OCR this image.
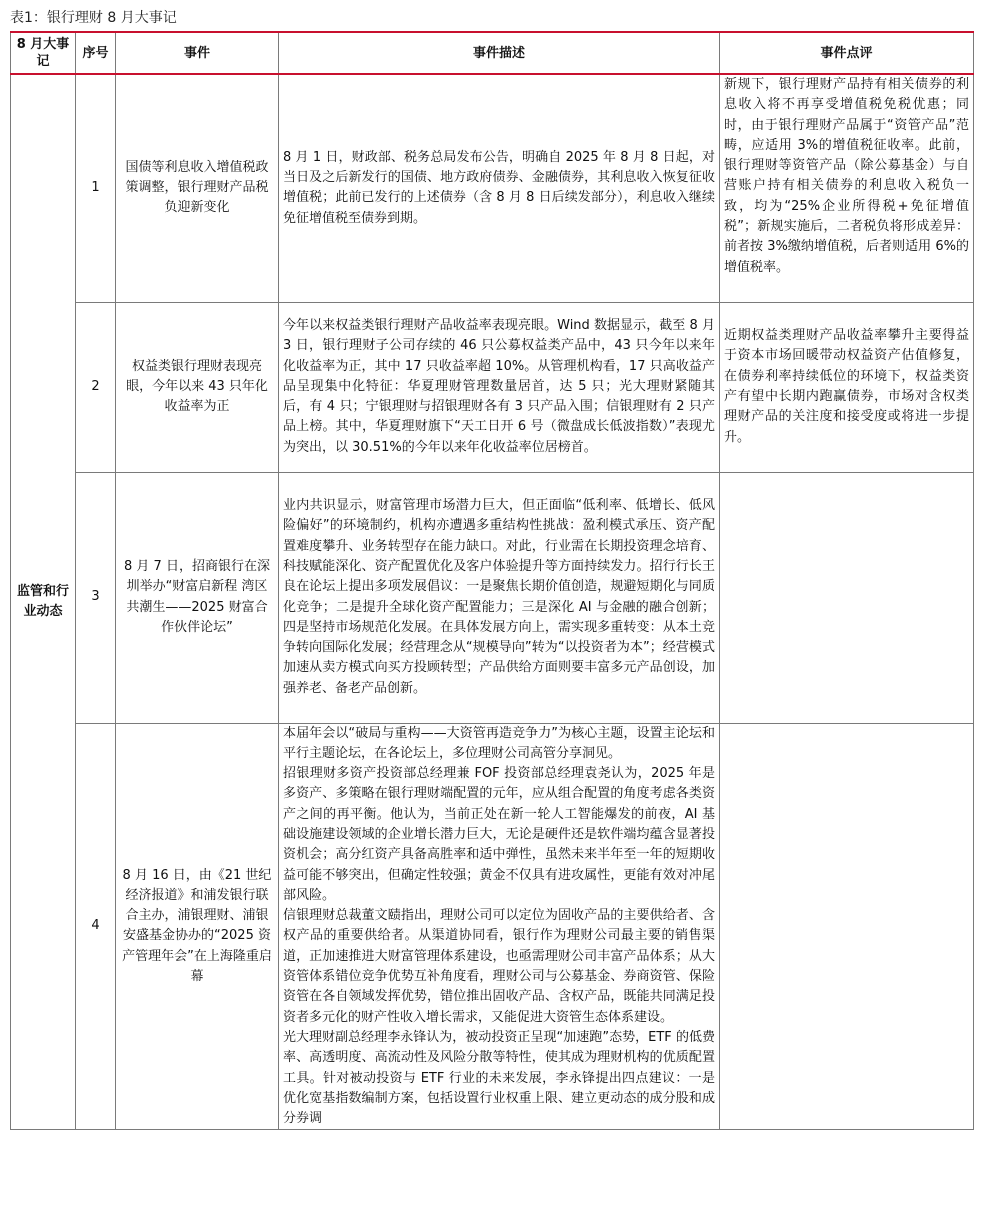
表1：银行理财 8 月大事记
8 月大事记	序号	事件	事件描述	事件点评
监管和行业动态	1	国债等利息收入增值税政策调整，银行理财产品税负迎新变化	8 月 1 日，财政部、税务总局发布公告，明确自 2025 年 8 月 8 日起，对当日及之后新发行的国债、地方政府债券、金融债券，其利息收入恢复征收增值税；此前已发行的上述债券（含 8 月 8 日后续发部分），利息收入继续免征增值税至债券到期。	新规下，银行理财产品持有相关债券的利息收入将不再享受增值税免税优惠；同时，由于银行理财产品属于“资管产品”范畴，应适用 3%的增值税征收率。此前，银行理财等资管产品（除公募基金）与自营账户持有相关债券的利息收入税负一致，均为“25%企业所得税+免征增值税”；新规实施后，二者税负将形成差异：前者按 3%缴纳增值税，后者则适用 6%的增值税率。
	2	权益类银行理财表现亮眼，今年以来 43 只年化收益率为正	今年以来权益类银行理财产品收益率表现亮眼。Wind 数据显示，截至 8 月 3 日，银行理财子公司存续的 46 只公募权益类产品中，43 只今年以来年化收益率为正，其中 17 只收益率超 10%。从管理机构看，17 只高收益产品呈现集中化特征：华夏理财管理数量居首，达 5 只；光大理财紧随其后，有 4 只；宁银理财与招银理财各有 3 只产品入围；信银理财有 2 只产品上榜。其中，华夏理财旗下“天工日开 6 号（微盘成长低波指数）”表现尤为突出，以 30.51%的今年以来年化收益率位居榜首。	近期权益类理财产品收益率攀升主要得益于资本市场回暖带动权益资产估值修复，在债券利率持续低位的环境下，权益类资产有望中长期内跑赢债券，市场对含权类理财产品的关注度和接受度或将进一步提升。
	3	8 月 7 日，招商银行在深圳举办“财富启新程 湾区共潮生——2025 财富合作伙伴论坛”	业内共识显示，财富管理市场潜力巨大，但正面临“低利率、低增长、低风险偏好”的环境制约，机构亦遭遇多重结构性挑战：盈利模式承压、资产配置难度攀升、业务转型存在能力缺口。对此，行业需在长期投资理念培育、科技赋能深化、资产配置优化及客户体验提升等方面持续发力。招行行长王良在论坛上提出多项发展倡议：一是聚焦长期价值创造，规避短期化与同质化竞争；二是提升全球化资产配置能力；三是深化 AI 与金融的融合创新；四是坚持市场规范化发展。在具体发展方向上，需实现多重转变：从本土竞争转向国际化发展；经营理念从“规模导向”转为“以投资者为本”；经营模式加速从卖方模式向买方投顾转型；产品供给方面则要丰富多元产品创设，加强养老、备老产品创新。	

	4	8 月 16 日，由《21 世纪经济报道》和浦发银行联合主办，浦银理财、浦银安盛基金协办的“2025 资产管理年会”在上海隆重启幕	本届年会以“破局与重构——大资管再造竞争力”为核心主题，设置主论坛和平行主题论坛，在各论坛上，多位理财公司高管分享洞见。

招银理财多资产投资部总经理兼 FOF 投资部总经理袁尧认为，2025 年是多资产、多策略在银行理财端配置的元年，应从组合配置的角度考虑各类资产之间的再平衡。他认为，当前正处在新一轮人工智能爆发的前夜，AI 基础设施建设领域的企业增长潜力巨大，无论是硬件还是软件端均蕴含显著投资机会；高分红资产具备高胜率和适中弹性，虽然未来半年至一年的短期收益可能不够突出，但确定性较强；黄金不仅具有进攻属性，更能有效对冲尾部风险。

信银理财总裁董文赜指出，理财公司可以定位为固收产品的主要供给者、含权产品的重要供给者。从渠道协同看，银行作为理财公司最主要的销售渠道，正加速推进大财富管理体系建设，也亟需理财公司丰富产品体系；从大资管体系错位竞争优势互补角度看，理财公司与公募基金、券商资管、保险资管在各自领域发挥优势，错位推出固收产品、含权产品，既能共同满足投资者多元化的财产性收入增长需求，又能促进大资管生态体系建设。

光大理财副总经理李永锋认为，被动投资正呈现“加速跑”态势，ETF 的低费率、高透明度、高流动性及风险分散等特性，使其成为理财机构的优质配置工具。针对被动投资与 ETF 行业的未来发展，李永锋提出四点建议：一是优化宽基指数编制方案，包括设置行业权重上限、建立更动态的成分股和成分券调	
